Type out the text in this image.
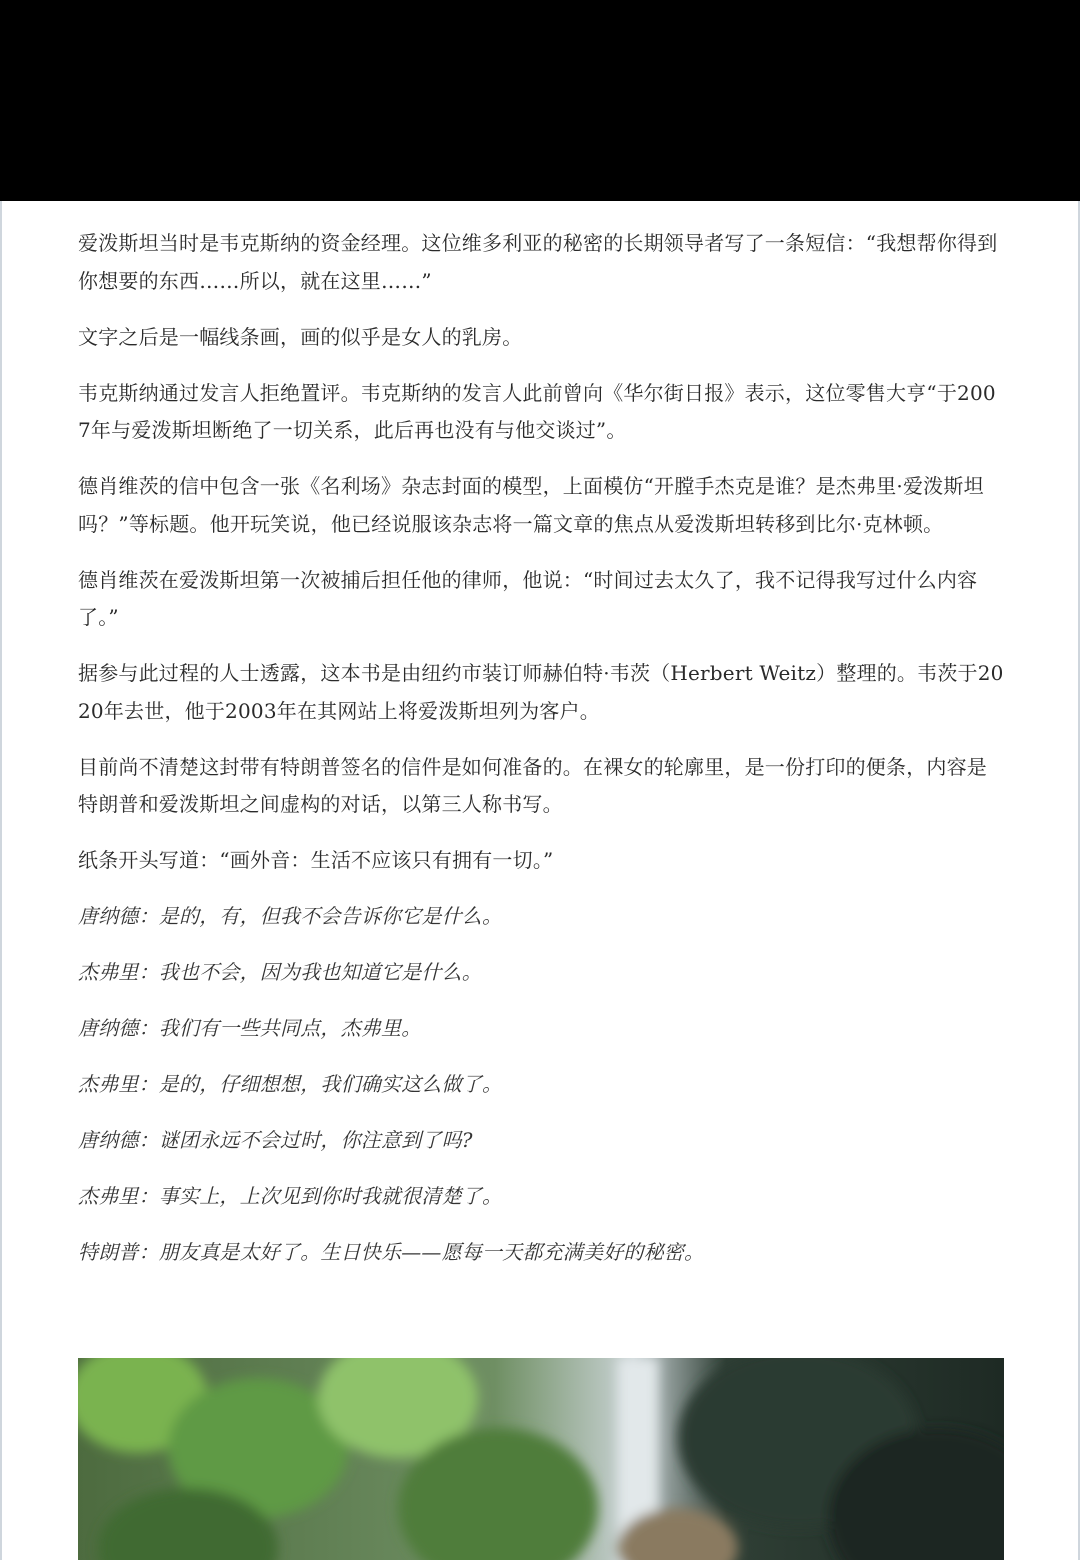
爱泼斯坦当时是韦克斯纳的资金经理。这位维多利亚的秘密的长期领导者写了一条短信：“我想帮你得到你想要的东西……所以，就在这里……”

文字之后是一幅线条画，画的似乎是女人的乳房。

韦克斯纳通过发言人拒绝置评。韦克斯纳的发言人此前曾向《华尔街日报》表示，这位零售大亨“于2007年与爱泼斯坦断绝了一切关系，此后再也没有与他交谈过”。

德肖维茨的信中包含一张《名利场》杂志封面的模型，上面模仿“开膛手杰克是谁？是杰弗里·爱泼斯坦吗？”等标题。他开玩笑说，他已经说服该杂志将一篇文章的焦点从爱泼斯坦转移到比尔·克林顿。

德肖维茨在爱泼斯坦第一次被捕后担任他的律师，他说：“时间过去太久了，我不记得我写过什么内容了。”

据参与此过程的人士透露，这本书是由纽约市装订师赫伯特·韦茨（Herbert Weitz）整理的。韦茨于2020年去世，他于2003年在其网站上将爱泼斯坦列为客户。

目前尚不清楚这封带有特朗普签名的信件是如何准备的。在裸女的轮廓里，是一份打印的便条，内容是特朗普和爱泼斯坦之间虚构的对话，以第三人称书写。

纸条开头写道：“画外音：生活不应该只有拥有一切。”

唐纳德：是的，有，但我不会告诉你它是什么。

杰弗里：我也不会，因为我也知道它是什么。

唐纳德：我们有一些共同点，杰弗里。

杰弗里：是的，仔细想想，我们确实这么做了。

唐纳德：谜团永远不会过时，你注意到了吗?

杰弗里：事实上，上次见到你时我就很清楚了。

特朗普：朋友真是太好了。生日快乐——愿每一天都充满美好的秘密。
